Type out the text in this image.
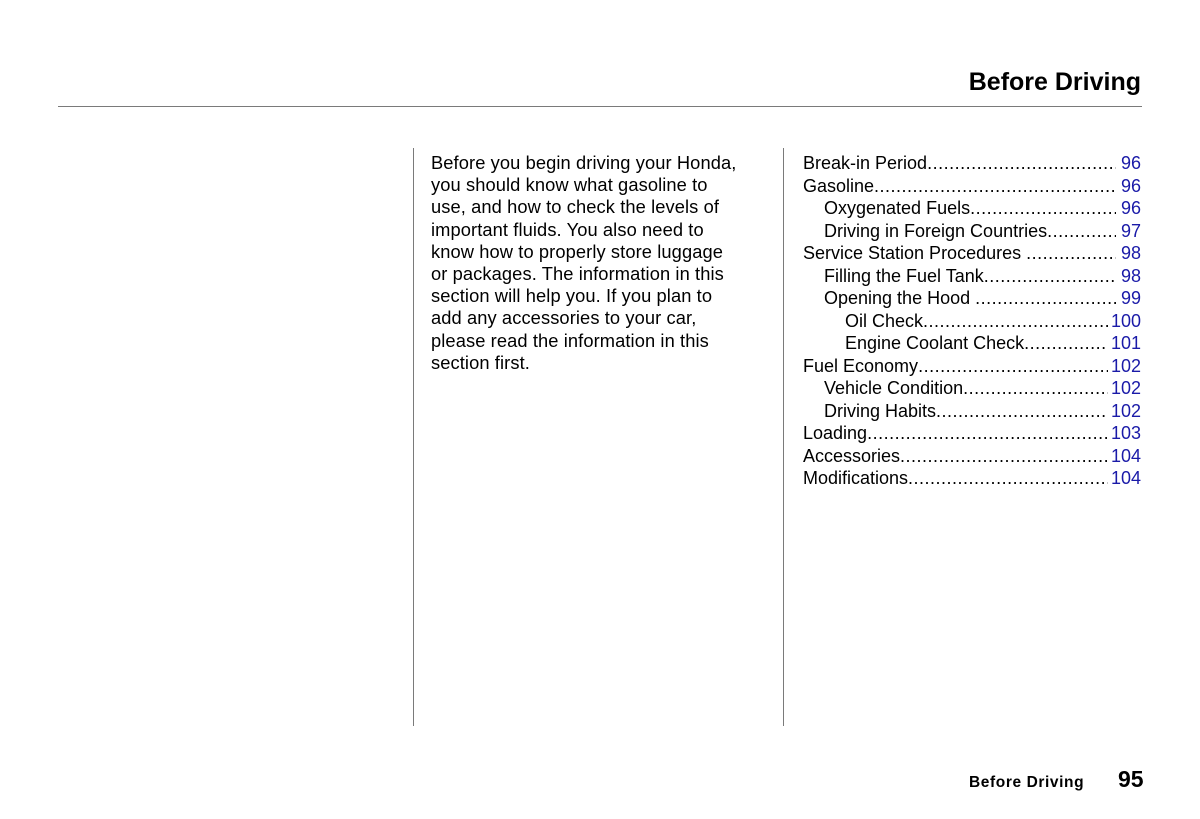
Before Driving
Before you begin driving your Honda,
you should know what gasoline to
use, and how to check the levels of
important fluids. You also need to
know how to properly store luggage
or packages. The information in this
section will help you. If you plan to
add any accessories to your car,
please read the information in this
section first.
Break-in Period .....	96
Gasoline .....	96
Oxygenated Fuels .....	96
Driving in Foreign Countries .....	97
Service Station Procedures .....	98
Filling the Fuel Tank .....	98
Opening the Hood .....	99
Oil Check .....	100
Engine Coolant Check .....	101
Fuel Economy .....	102
Vehicle Condition .....	102
Driving Habits .....	102
Loading .....	103
Accessories .....	104
Modifications .....	104
Before Driving 95
